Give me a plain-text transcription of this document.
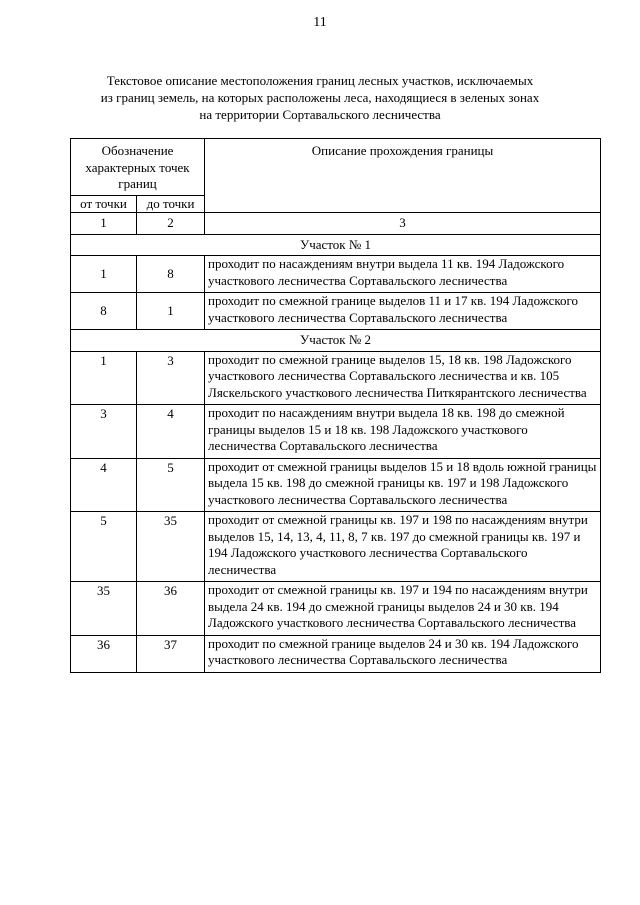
11
Текстовое описание местоположения границ лесных участков, исключаемых
из границ земель, на которых расположены леса, находящиеся в зеленых зонах
на территории Сортавальского лесничества
Обозначение характерных точек границ		Описание прохождения границы
от точки	до точки	
1	2	3
Участок № 1		
1	8	проходит по насаждениям внутри выдела 11 кв. 194 Ладожского участкового лесничества Сортавальского лесничества
8	1	проходит по смежной границе выделов 11 и 17 кв. 194 Ладожского участкового лесничества Сортавальского лесничества
Участок № 2		
1	3	проходит по смежной границе выделов 15, 18 кв. 198 Ладожского участкового лесничества Сортавальского лесничества и кв. 105 Ляскельского участкового лесничества Питкярантского лесничества
3	4	проходит по насаждениям внутри выдела 18 кв. 198 до смежной границы выделов 15 и 18 кв. 198 Ладожского участкового лесничества Сортавальского лесничества
4	5	проходит от смежной границы выделов 15 и 18 вдоль южной границы выдела 15 кв. 198 до смежной границы кв. 197 и 198 Ладожского участкового лесничества Сортавальского лесничества
5	35	проходит от смежной границы кв. 197 и 198 по насаждениям внутри выделов 15, 14, 13, 4, 11, 8, 7 кв. 197 до смежной границы кв. 197 и 194 Ладожского участкового лесничества Сортавальского лесничества
35	36	проходит от смежной границы кв. 197 и 194 по насаждениям внутри выдела 24 кв. 194 до смежной границы выделов 24 и 30 кв. 194 Ладожского участкового лесничества Сортавальского лесничества
36	37	проходит по смежной границе выделов 24 и 30 кв. 194 Ладожского участкового лесничества Сортавальского лесничества
